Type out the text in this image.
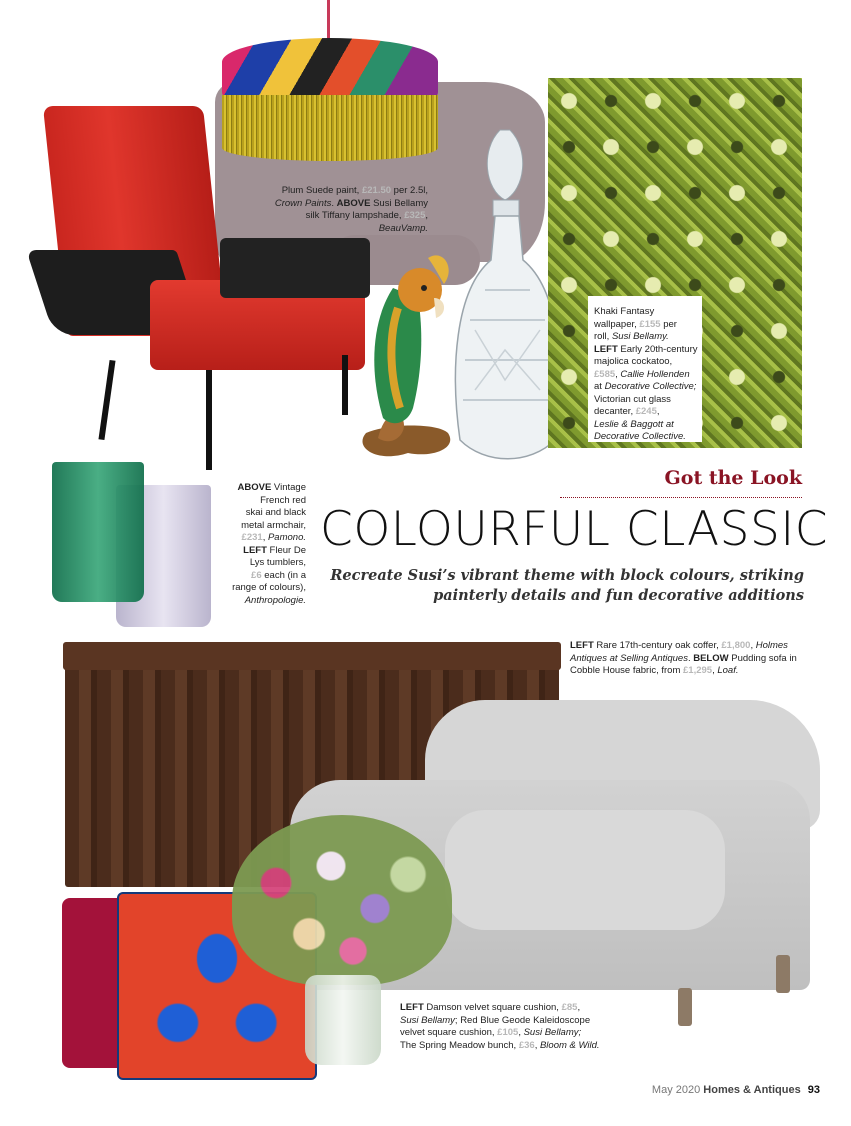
Plum Suede paint, £21.50 per 2.5l,
Crown Paints. ABOVE Susi Bellamy
silk Tiffany lampshade, £325,
BeauVamp.
Khaki Fantasy
wallpaper, £155 per
roll, Susi Bellamy.
LEFT Early 20th-century
majolica cockatoo,
£585, Callie Hollenden
at Decorative Collective;
Victorian cut glass
decanter, £245,
Leslie & Baggott at
Decorative Collective.
ABOVE Vintage
French red
skai and black
metal armchair,
£231, Pamono.
LEFT Fleur De
Lys tumblers,
£6 each (in a
range of colours),
Anthropologie.
LEFT Rare 17th-century oak coffer, £1,800, Holmes
Antiques at Selling Antiques. BELOW Pudding sofa in
Cobble House fabric, from £1,295, Loaf.
LEFT Damson velvet square cushion, £85,
Susi Bellamy; Red Blue Geode Kaleidoscope
velvet square cushion, £105, Susi Bellamy;
The Spring Meadow bunch, £36, Bloom & Wild.
Got the Look
COLOURFUL CLASSIC
Recreate Susi’s vibrant theme with block colours, striking
painterly details and fun decorative additions
May 2020 Homes & Antiques 93
